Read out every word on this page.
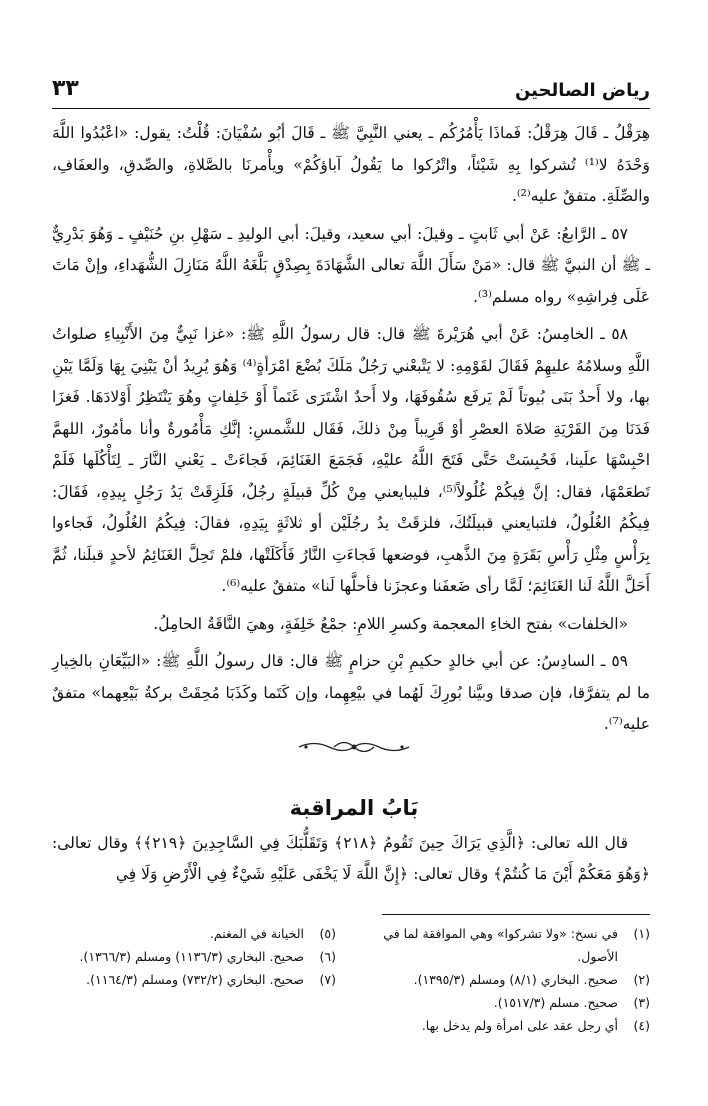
رياض الصالحين
٣٣

هِرَقْلُ ـ قَالَ هِرَقْلُ: فَماذَا يَأْمُرُكُم ـ يعني النَّبِيَّ ﷺ ـ قَالَ أبُو سُفْيَانَ: قُلْتُ: يقول: «اعْبُدُوا اللَّهَ وَحْدَهُ لا⁽¹⁾ تُشركوا بِهِ شَيْئاً، واتْرُكوا ما يَقُولُ آباؤكُمْ» ويأْمرنَا بالصَّلاةِ، والصِّدقِ، والعفَافِ، والصِّلَةِ. متفقٌ عليه⁽²⁾.

٥٧ ـ الرَّابعُ: عَنْ أبي ثَابتٍ ـ وقيلَ: أبي سعيد، وقيلَ: أبي الوليدِ ـ سَهْلِ بنِ حُنَيْفٍ ـ وَهُوَ بَدْرِيٌّ ـ ﷺ أن النبيَّ ﷺ قال: «مَنْ سَأَلَ اللَّهَ تعالى الشَّهَادَةَ بِصِدْقٍ بَلَّغَهُ اللَّهُ مَنَازِلَ الشُّهَداءِ، وإنْ مَاتَ عَلَى فِراشِهِ» رواه مسلم⁽³⁾.

٥٨ ـ الخامِسُ: عَنْ أبي هُرَيْرةَ ﷺ قال: قال رسولُ اللَّهِ ﷺ: «غزا نَبِيٌّ مِنَ الأَنْبِياءِ صلواتُ اللَّهِ وسلامُهُ عليهِمْ فَقَالَ لقَوْمِهِ: لا يَتْبعْني رَجُلٌ مَلَكَ بُضْعَ امْرَأةٍ⁽⁴⁾ وَهُوَ يُرِيدُ أنْ يَبْنِيَ بِهَا وَلَمَّا يَبْنِ بها، ولا أَحدٌ بَنَى بُيوتاً لَمْ يَرفَع سُقُوفَهَا، ولا أَحدٌ اشْتَرَى غَنَماً أَوْ خَلِفاتٍ وهُوَ يَنْتَظِرُ أَوْلادَهَا. فَغزَا فَدَنَا مِنَ القَرْيَةِ صَلاةَ العصْرِ أوْ قَرِيباً مِنْ ذلكَ، فَقَال للشَّمسِ: إنَّكِ مَأْمُورةٌ وأنا مأمُورٌ، اللهمَّ احْبِسْهَا علَينا، فَحُبِسَتْ حَتَّى فَتَحَ اللَّهُ عليْهِ، فَجَمَعَ الغَنَائِمَ، فَجاءَتْ ـ يَعْني النَّارَ ـ لِتَأْكُلَها فَلَمْ تَطعَمْهَا، فقال: إنَّ فِيكُمْ غُلُولاً⁽⁵⁾، فليبايعني مِنْ كُلِّ قبيلَةٍ رجُلٌ، فَلَزِقَتْ يَدُ رَجُلٍ بِيدِهِ، فَقَالَ: فِيكُمُ الغُلُولُ، فلتبايعني قبيلَتُكَ، فلزقَتْ يدُ رجُلَيْن أو ثلاثَةٍ بِيَدِهِ، فقالَ: فِيكُمُ الغُلُولُ، فَجاءوا بِرَأْسٍ مِثْلِ رَأْسِ بَقَرَةٍ مِنَ الذَّهبِ، فوضعها فَجاءَتِ النَّارُ فَأَكَلَتْها، فلمْ تَحِلَّ الغَنَائِمُ لأحدٍ قبلَنا، ثُمَّ أَحَلَّ اللَّهُ لَنا الغَنَائِمَ؛ لَمَّا رأى ضَعفَنا وعجزَنا فأحلَّها لَنا» متفقٌ عليه⁽⁶⁾.

«الخلفات» بفتح الخاءِ المعجمة وكسرِ اللامِ: جمْعُ خَلِفَةٍ، وهيَ النَّاقَةُ الحامِلُ.

٥٩ ـ السادِسُ: عن أبي خالدٍ حكيمِ بْنِ حزامٍ ﷺ قال: قال رسولُ اللَّهِ ﷺ: «البَيِّعَانِ بالخِيارِ ما لم يتفرَّقا، فإن صدقا وبيَّنا بُورِكَ لَهُما في بيْعِهِما، وإن كَتَما وكَذَبَا مُحِقَتْ بركةُ بَيْعِهما» متفقٌ عليه⁽⁷⁾.

بَابُ المراقبة

قال الله تعالى: ﴿الَّذِي يَرَاكَ حِينَ تَقُومُ ﴿٢١٨﴾ وَتَقَلُّبَكَ فِي السَّاجِدِينَ ﴿٢١٩﴾﴾ وقال تعالى: ﴿وَهُوَ مَعَكُمْ أَيْنَ مَا كُنتُمْ﴾ وقال تعالى: ﴿إِنَّ اللَّهَ لَا يَخْفَى عَلَيْهِ شَيْءٌ فِي الْأَرْضِ وَلَا فِي

(١)
في نسخ: «ولا تشركوا» وهي الموافقة لما في الأصول.
(٢)
صحيح. البخاري (٨/١) ومسلم (١٣٩٥/٣).
(٣)
صحيح. مسلم (١٥١٧/٣).
(٤)
أي رجل عقد على امرأة ولم يدخل بها.
(٥)
الخيانة في المغنم.
(٦)
صحيح. البخاري (١١٣٦/٣) ومسلم (١٣٦٦/٣).
(٧)
صحيح. البخاري (٧٣٢/٢) ومسلم (١١٦٤/٣).
